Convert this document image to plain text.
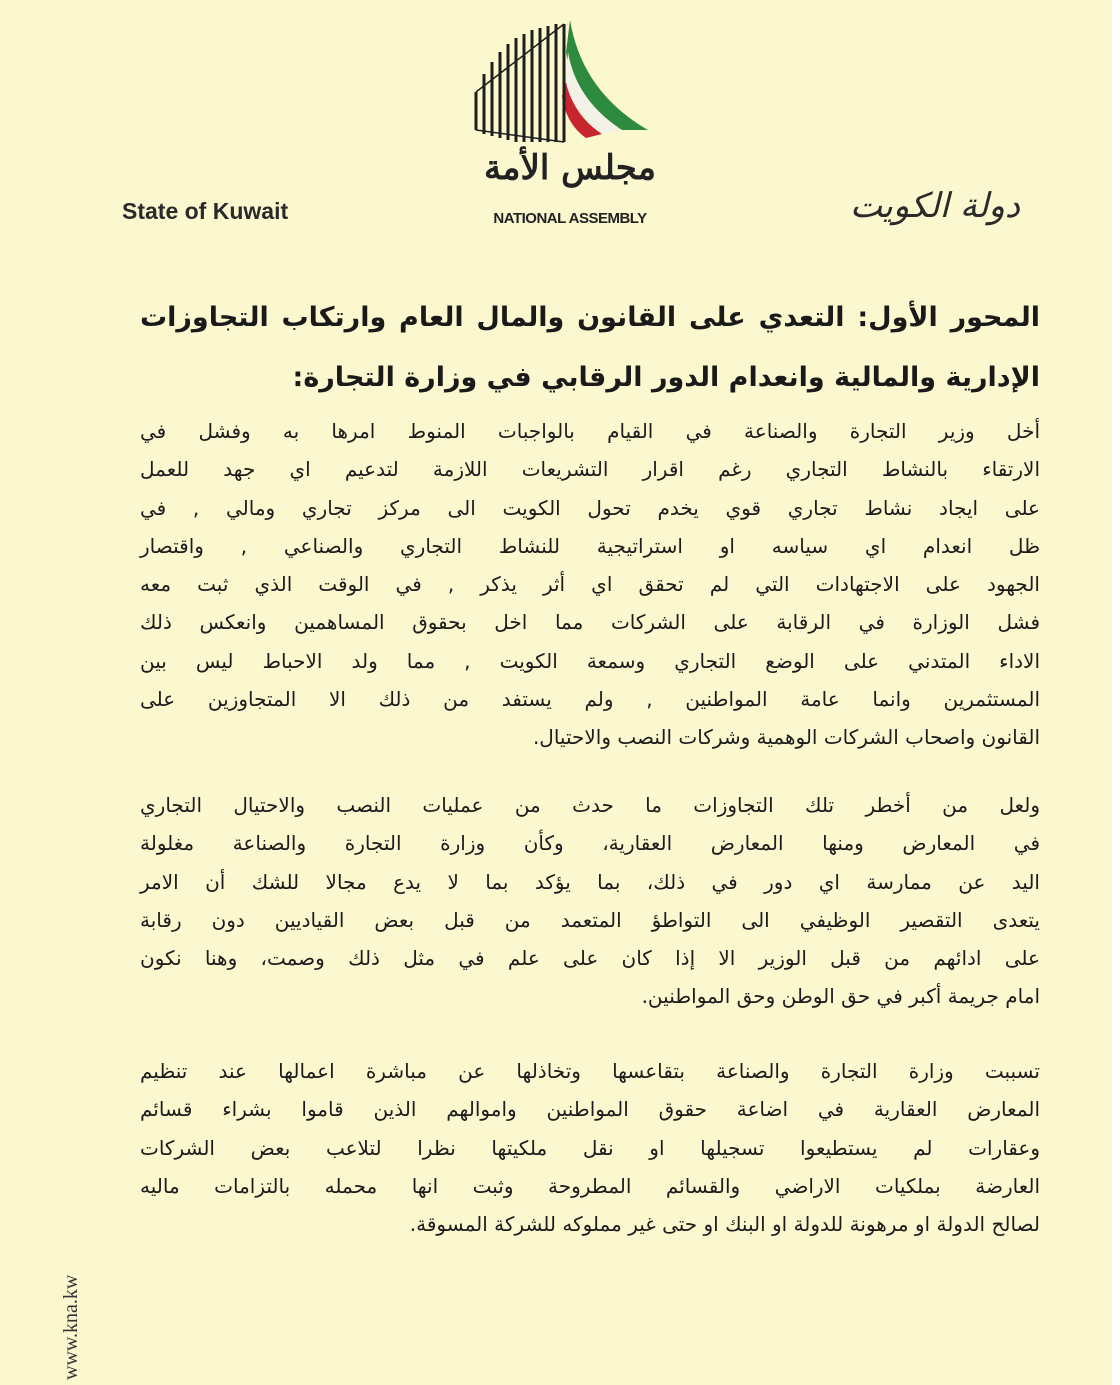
مجلس الأمة
NATIONAL ASSEMBLY
State of Kuwait	دولة الكويت
المحور الأول: التعدي على القانون والمال العام وارتكاب التجاوزات
الإدارية والمالية وانعدام الدور الرقابي في وزارة التجارة:
أخل وزير التجارة والصناعة في القيام بالواجبات المنوط امرها به وفشل في
الارتقاء بالنشاط التجاري رغم اقرار التشريعات اللازمة لتدعيم اي جهد للعمل
على ايجاد نشاط تجاري قوي يخدم تحول الكويت الى مركز تجاري ومالي , في
ظل انعدام اي سياسه او استراتيجية للنشاط التجاري والصناعي , واقتصار
الجهود على الاجتهادات التي لم تحقق اي أثر يذكر , في الوقت الذي ثبت معه
فشل الوزارة في الرقابة على الشركات مما اخل بحقوق المساهمين وانعكس ذلك
الاداء المتدني على الوضع التجاري وسمعة الكويت , مما ولد الاحباط ليس بين
المستثمرين وانما عامة المواطنين , ولم يستفد من ذلك الا المتجاوزين على
القانون واصحاب الشركات الوهمية وشركات النصب والاحتيال.
ولعل من أخطر تلك التجاوزات ما حدث من عمليات النصب والاحتيال التجاري
في المعارض ومنها المعارض العقارية، وكأن وزارة التجارة والصناعة مغلولة
اليد عن ممارسة اي دور في ذلك، بما يؤكد بما لا يدع مجالا للشك أن الامر
يتعدى التقصير الوظيفي الى التواطؤ المتعمد من قبل بعض القياديين دون رقابة
على ادائهم من قبل الوزير الا إذا كان على علم في مثل ذلك وصمت، وهنا نكون
امام جريمة أكبر في حق الوطن وحق المواطنين.
تسببت وزارة التجارة والصناعة بتقاعسها وتخاذلها عن مباشرة اعمالها عند تنظيم
المعارض العقارية في اضاعة حقوق المواطنين واموالهم الذين قاموا بشراء قسائم
وعقارات لم يستطيعوا تسجيلها او نقل ملكيتها نظرا لتلاعب بعض الشركات
العارضة بملكيات الاراضي والقسائم المطروحة وثبت انها محمله بالتزامات ماليه
لصالح الدولة او مرهونة للدولة او البنك او حتى غير مملوكه للشركة المسوقة.
www.kna.kw
